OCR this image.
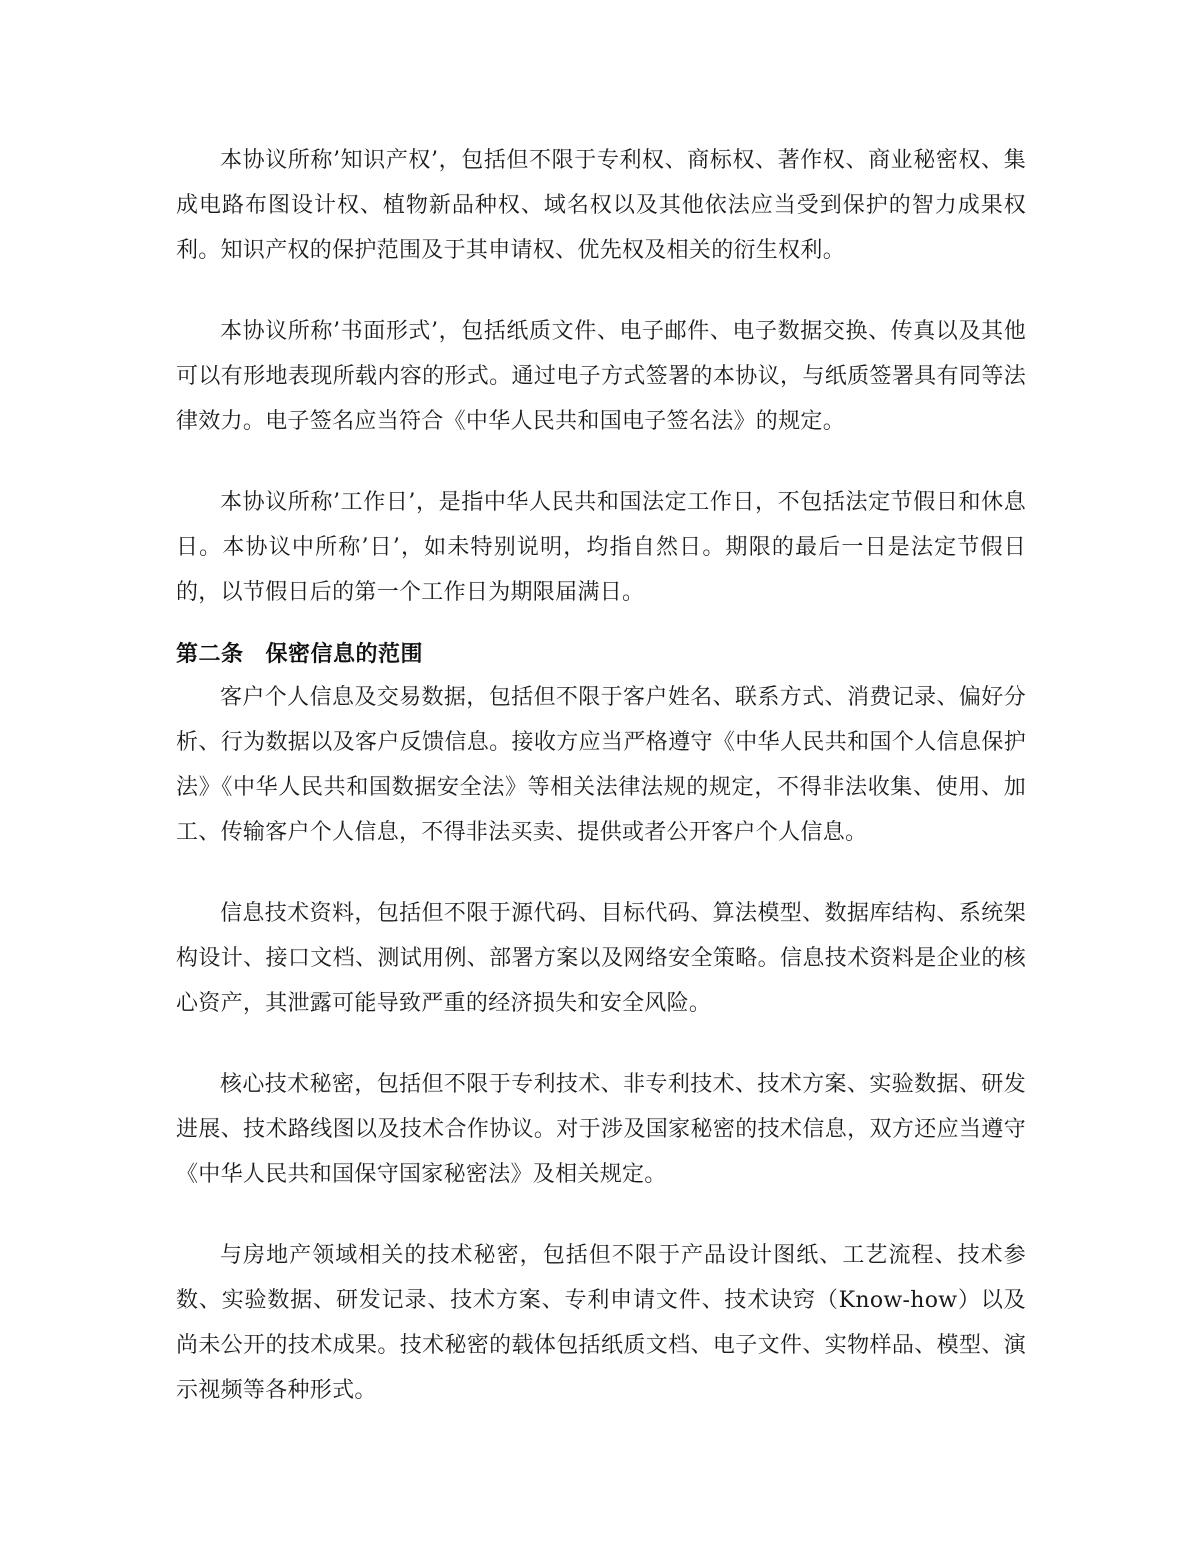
本协议所称’知识产权’，包括但不限于专利权、商标权、著作权、商业秘密权、集成电路布图设计权、植物新品种权、域名权以及其他依法应当受到保护的智力成果权利。知识产权的保护范围及于其申请权、优先权及相关的衍生权利。

本协议所称’书面形式’，包括纸质文件、电子邮件、电子数据交换、传真以及其他可以有形地表现所载内容的形式。通过电子方式签署的本协议，与纸质签署具有同等法律效力。电子签名应当符合《中华人民共和国电子签名法》的规定。

本协议所称’工作日’，是指中华人民共和国法定工作日，不包括法定节假日和休息日。本协议中所称’日’，如未特别说明，均指自然日。期限的最后一日是法定节假日的，以节假日后的第一个工作日为期限届满日。

第二条 保密信息的范围

客户个人信息及交易数据，包括但不限于客户姓名、联系方式、消费记录、偏好分析、行为数据以及客户反馈信息。接收方应当严格遵守《中华人民共和国个人信息保护法》《中华人民共和国数据安全法》等相关法律法规的规定，不得非法收集、使用、加工、传输客户个人信息，不得非法买卖、提供或者公开客户个人信息。

信息技术资料，包括但不限于源代码、目标代码、算法模型、数据库结构、系统架构设计、接口文档、测试用例、部署方案以及网络安全策略。信息技术资料是企业的核心资产，其泄露可能导致严重的经济损失和安全风险。

核心技术秘密，包括但不限于专利技术、非专利技术、技术方案、实验数据、研发进展、技术路线图以及技术合作协议。对于涉及国家秘密的技术信息，双方还应当遵守《中华人民共和国保守国家秘密法》及相关规定。

与房地产领域相关的技术秘密，包括但不限于产品设计图纸、工艺流程、技术参数、实验数据、研发记录、技术方案、专利申请文件、技术诀窍（Know-how）以及尚未公开的技术成果。技术秘密的载体包括纸质文档、电子文件、实物样品、模型、演示视频等各种形式。
